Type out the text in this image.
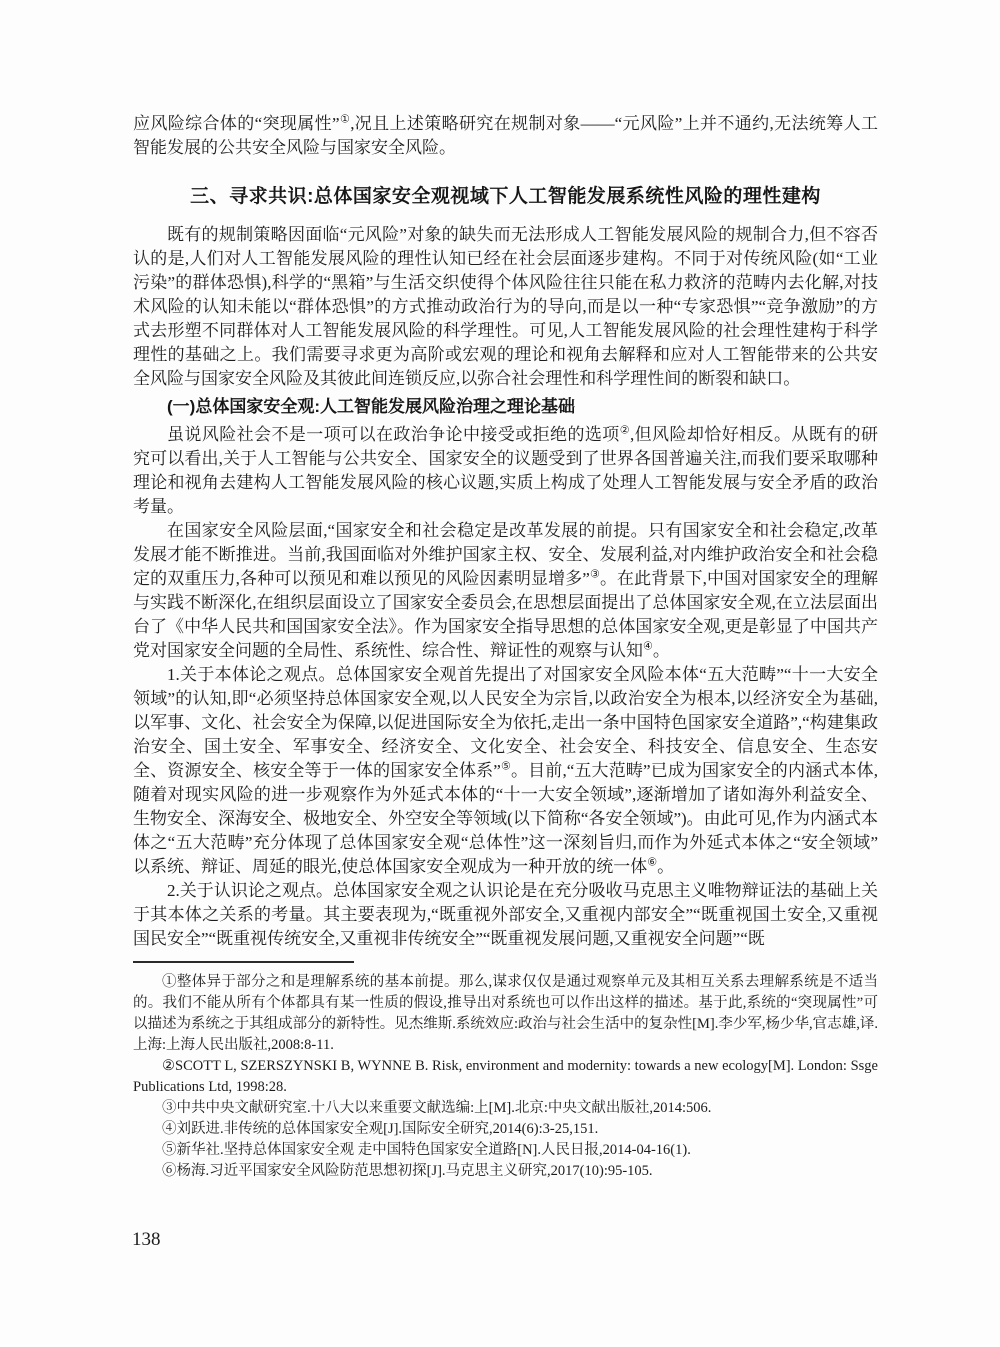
应风险综合体的“突现属性”①,况且上述策略研究在规制对象——“元风险”上并不通约,无法统筹人工智能发展的公共安全风险与国家安全风险。

三、寻求共识:总体国家安全观视域下人工智能发展系统性风险的理性建构

既有的规制策略因面临“元风险”对象的缺失而无法形成人工智能发展风险的规制合力,但不容否认的是,人们对人工智能发展风险的理性认知已经在社会层面逐步建构。不同于对传统风险(如“工业污染”的群体恐惧),科学的“黑箱”与生活交织使得个体风险往往只能在私力救济的范畴内去化解,对技术风险的认知未能以“群体恐惧”的方式推动政治行为的导向,而是以一种“专家恐惧”“竞争激励”的方式去形塑不同群体对人工智能发展风险的科学理性。可见,人工智能发展风险的社会理性建构于科学理性的基础之上。我们需要寻求更为高阶或宏观的理论和视角去解释和应对人工智能带来的公共安全风险与国家安全风险及其彼此间连锁反应,以弥合社会理性和科学理性间的断裂和缺口。

(一)总体国家安全观:人工智能发展风险治理之理论基础

虽说风险社会不是一项可以在政治争论中接受或拒绝的选项②,但风险却恰好相反。从既有的研究可以看出,关于人工智能与公共安全、国家安全的议题受到了世界各国普遍关注,而我们要采取哪种理论和视角去建构人工智能发展风险的核心议题,实质上构成了处理人工智能发展与安全矛盾的政治考量。

在国家安全风险层面,“国家安全和社会稳定是改革发展的前提。只有国家安全和社会稳定,改革发展才能不断推进。当前,我国面临对外维护国家主权、安全、发展利益,对内维护政治安全和社会稳定的双重压力,各种可以预见和难以预见的风险因素明显增多”③。在此背景下,中国对国家安全的理解与实践不断深化,在组织层面设立了国家安全委员会,在思想层面提出了总体国家安全观,在立法层面出台了《中华人民共和国国家安全法》。作为国家安全指导思想的总体国家安全观,更是彰显了中国共产党对国家安全问题的全局性、系统性、综合性、辩证性的观察与认知④。

1.关于本体论之观点。总体国家安全观首先提出了对国家安全风险本体“五大范畴”“十一大安全领域”的认知,即“必须坚持总体国家安全观,以人民安全为宗旨,以政治安全为根本,以经济安全为基础,以军事、文化、社会安全为保障,以促进国际安全为依托,走出一条中国特色国家安全道路”,“构建集政治安全、国土安全、军事安全、经济安全、文化安全、社会安全、科技安全、信息安全、生态安全、资源安全、核安全等于一体的国家安全体系”⑤。目前,“五大范畴”已成为国家安全的内涵式本体,随着对现实风险的进一步观察作为外延式本体的“十一大安全领域”,逐渐增加了诸如海外利益安全、生物安全、深海安全、极地安全、外空安全等领域(以下简称“各安全领域”)。由此可见,作为内涵式本体之“五大范畴”充分体现了总体国家安全观“总体性”这一深刻旨归,而作为外延式本体之“安全领域”以系统、辩证、周延的眼光,使总体国家安全观成为一种开放的统一体⑥。

2.关于认识论之观点。总体国家安全观之认识论是在充分吸收马克思主义唯物辩证法的基础上关于其本体之关系的考量。其主要表现为,“既重视外部安全,又重视内部安全”“既重视国土安全,又重视国民安全”“既重视传统安全,又重视非传统安全”“既重视发展问题,又重视安全问题”“既

①整体异于部分之和是理解系统的基本前提。那么,谋求仅仅是通过观察单元及其相互关系去理解系统是不适当的。我们不能从所有个体都具有某一性质的假设,推导出对系统也可以作出这样的描述。基于此,系统的“突现属性”可以描述为系统之于其组成部分的新特性。见杰维斯.系统效应:政治与社会生活中的复杂性[M].李少军,杨少华,官志雄,译.上海:上海人民出版社,2008:8-11.

②SCOTT L, SZERSZYNSKI B, WYNNE B. Risk, environment and modernity: towards a new ecology[M]. London: Ssge Publications Ltd, 1998:28.

③中共中央文献研究室.十八大以来重要文献选编:上[M].北京:中央文献出版社,2014:506.

④刘跃进.非传统的总体国家安全观[J].国际安全研究,2014(6):3-25,151.

⑤新华社.坚持总体国家安全观 走中国特色国家安全道路[N].人民日报,2014-04-16(1).

⑥杨海.习近平国家安全风险防范思想初探[J].马克思主义研究,2017(10):95-105.

138
